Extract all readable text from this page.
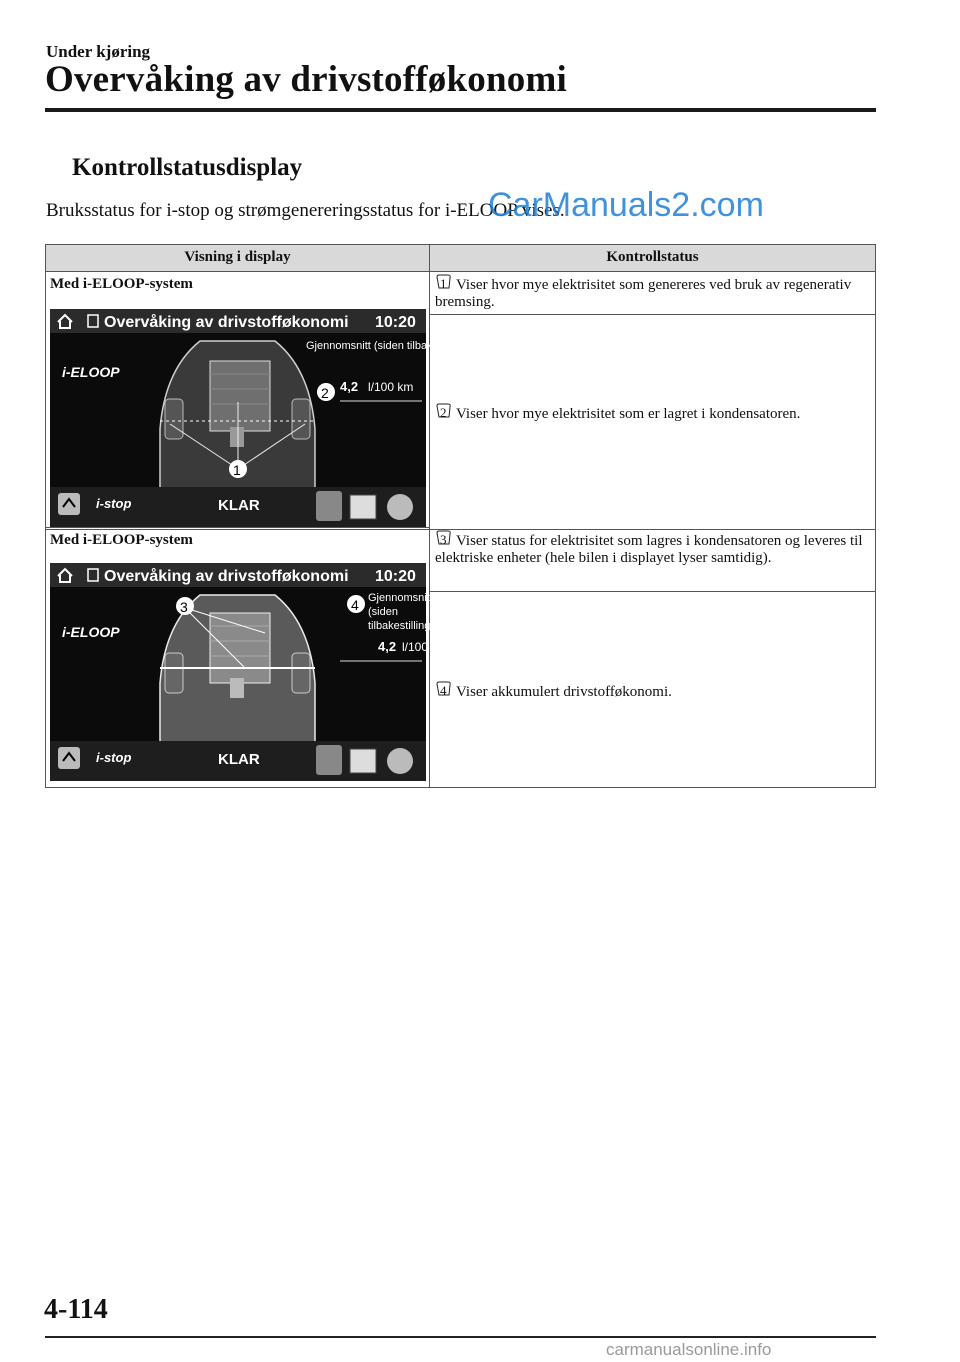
Under kjøring
Overvåking av drivstofføkonomi
Kontrollstatusdisplay
Bruksstatus for i-stop og strømgenereringsstatus for i-ELOOP vises.
CarManuals2.com
Visning i display	Kontrollstatus
Med i-ELOOP-system
Overvåking av drivstofføkonomi 10:20
1
2
i-ELOOP
Gjennomsnitt (siden tilbakestilling)
4,2 l/100 km
i-stop	KLAR
1 Viser hvor mye elektrisitet som genereres ved bruk av regenerativ bremsing.
2 Viser hvor mye elektrisitet som er lagret i kondensatoren.
Med i-ELOOP-system
Overvåking av drivstofføkonomi 10:20
3	4
i-ELOOP
Gjennomsnitt
(siden
tilbakestilling)
4,2 l/100 km
i-stop	KLAR
3 Viser status for elektrisitet som lagres i kondensatoren og leveres til elektriske enheter (hele bilen i displayet lyser samtidig).
4 Viser akkumulert drivstofføkonomi.
4-114
carmanualsonline.info
